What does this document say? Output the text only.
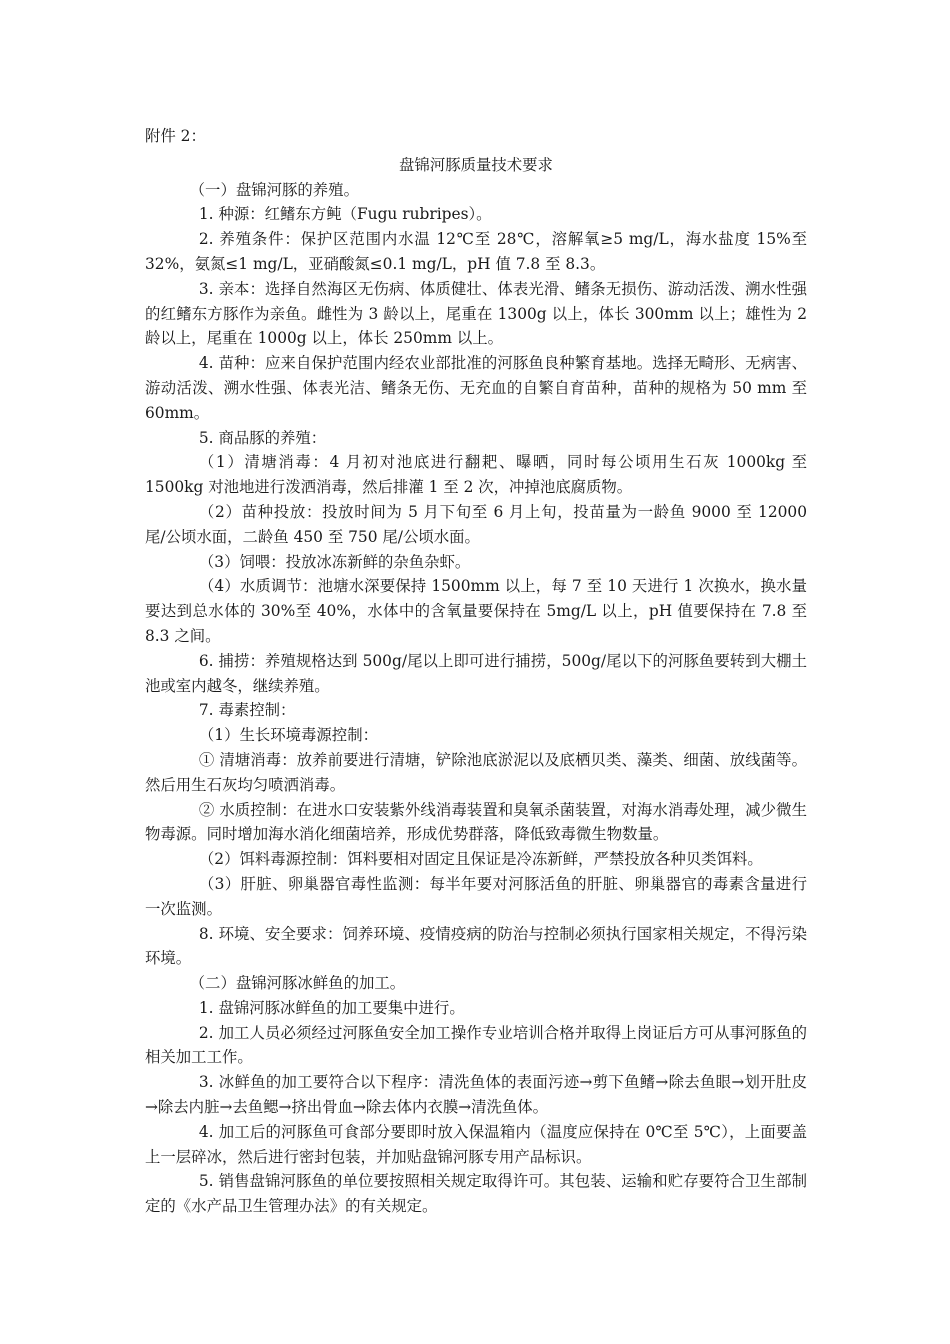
附件 2：

盘锦河豚质量技术要求

（一）盘锦河豚的养殖。

1. 种源：红鳍东方鲀（Fugu rubripes）。

2. 养殖条件：保护区范围内水温 12℃至 28℃，溶解氧≥5 mg/L，海水盐度 15%至 32%，氨氮≤1 mg/L，亚硝酸氮≤0.1 mg/L，pH 值 7.8 至 8.3。

3. 亲本：选择自然海区无伤病、体质健壮、体表光滑、鳍条无损伤、游动活泼、溯水性强的红鳍东方豚作为亲鱼。雌性为 3 龄以上，尾重在 1300g 以上，体长 300mm 以上；雄性为 2 龄以上，尾重在 1000g 以上，体长 250mm 以上。

4. 苗种：应来自保护范围内经农业部批准的河豚鱼良种繁育基地。选择无畸形、无病害、游动活泼、溯水性强、体表光洁、鳍条无伤、无充血的自繁自育苗种，苗种的规格为 50 mm 至 60mm。

5. 商品豚的养殖：

（1）清塘消毒：4 月初对池底进行翻耙、曝晒，同时每公顷用生石灰 1000kg 至 1500kg 对池地进行泼洒消毒，然后排灌 1 至 2 次，冲掉池底腐质物。

（2）苗种投放：投放时间为 5 月下旬至 6 月上旬，投苗量为一龄鱼 9000 至 12000 尾/公顷水面，二龄鱼 450 至 750 尾/公顷水面。

（3）饲喂：投放冰冻新鲜的杂鱼杂虾。

（4）水质调节：池塘水深要保持 1500mm 以上，每 7 至 10 天进行 1 次换水，换水量要达到总水体的 30%至 40%，水体中的含氧量要保持在 5mg/L 以上，pH 值要保持在 7.8 至 8.3 之间。

6. 捕捞：养殖规格达到 500g/尾以上即可进行捕捞，500g/尾以下的河豚鱼要转到大棚土池或室内越冬，继续养殖。

7. 毒素控制：

（1）生长环境毒源控制：

① 清塘消毒：放养前要进行清塘，铲除池底淤泥以及底栖贝类、藻类、细菌、放线菌等。然后用生石灰均匀喷洒消毒。

② 水质控制：在进水口安装紫外线消毒装置和臭氧杀菌装置，对海水消毒处理，减少微生物毒源。同时增加海水消化细菌培养，形成优势群落，降低致毒微生物数量。

（2）饵料毒源控制：饵料要相对固定且保证是冷冻新鲜，严禁投放各种贝类饵料。

（3）肝脏、卵巢器官毒性监测：每半年要对河豚活鱼的肝脏、卵巢器官的毒素含量进行一次监测。

8. 环境、安全要求：饲养环境、疫情疫病的防治与控制必须执行国家相关规定，不得污染环境。

（二）盘锦河豚冰鲜鱼的加工。

1. 盘锦河豚冰鲜鱼的加工要集中进行。

2. 加工人员必须经过河豚鱼安全加工操作专业培训合格并取得上岗证后方可从事河豚鱼的相关加工工作。

3. 冰鲜鱼的加工要符合以下程序：清洗鱼体的表面污迹→剪下鱼鳍→除去鱼眼→划开肚皮→除去内脏→去鱼鳃→挤出骨血→除去体内衣膜→清洗鱼体。

4. 加工后的河豚鱼可食部分要即时放入保温箱内（温度应保持在 0℃至 5℃），上面要盖上一层碎冰，然后进行密封包装，并加贴盘锦河豚专用产品标识。

5. 销售盘锦河豚鱼的单位要按照相关规定取得许可。其包装、运输和贮存要符合卫生部制定的《水产品卫生管理办法》的有关规定。
